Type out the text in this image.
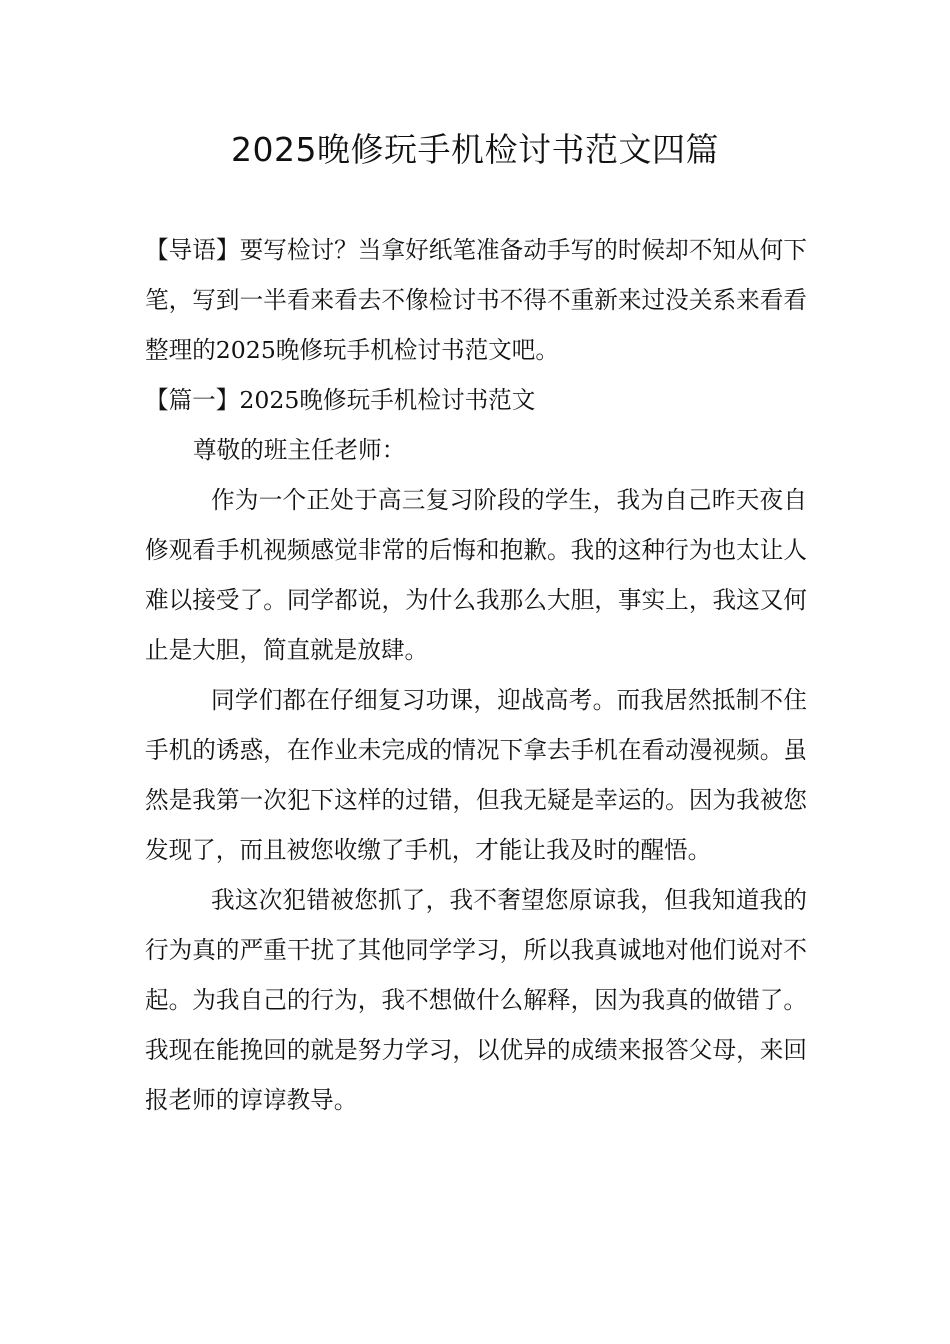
2025晚修玩手机检讨书范文四篇

【导语】要写检讨？当拿好纸笔准备动手写的时候却不知从何下笔，写到一半看来看去不像检讨书不得不重新来过没关系来看看整理的2025晚修玩手机检讨书范文吧。

【篇一】2025晚修玩手机检讨书范文

尊敬的班主任老师：

作为一个正处于高三复习阶段的学生，我为自己昨天夜自修观看手机视频感觉非常的后悔和抱歉。我的这种行为也太让人难以接受了。同学都说，为什么我那么大胆，事实上，我这又何止是大胆，简直就是放肆。

同学们都在仔细复习功课，迎战高考。而我居然抵制不住手机的诱惑，在作业未完成的情况下拿去手机在看动漫视频。虽然是我第一次犯下这样的过错，但我无疑是幸运的。因为我被您发现了，而且被您收缴了手机，才能让我及时的醒悟。

我这次犯错被您抓了，我不奢望您原谅我，但我知道我的行为真的严重干扰了其他同学学习，所以我真诚地对他们说对不起。为我自己的行为，我不想做什么解释，因为我真的做错了。我现在能挽回的就是努力学习，以优异的成绩来报答父母，来回报老师的谆谆教导。
